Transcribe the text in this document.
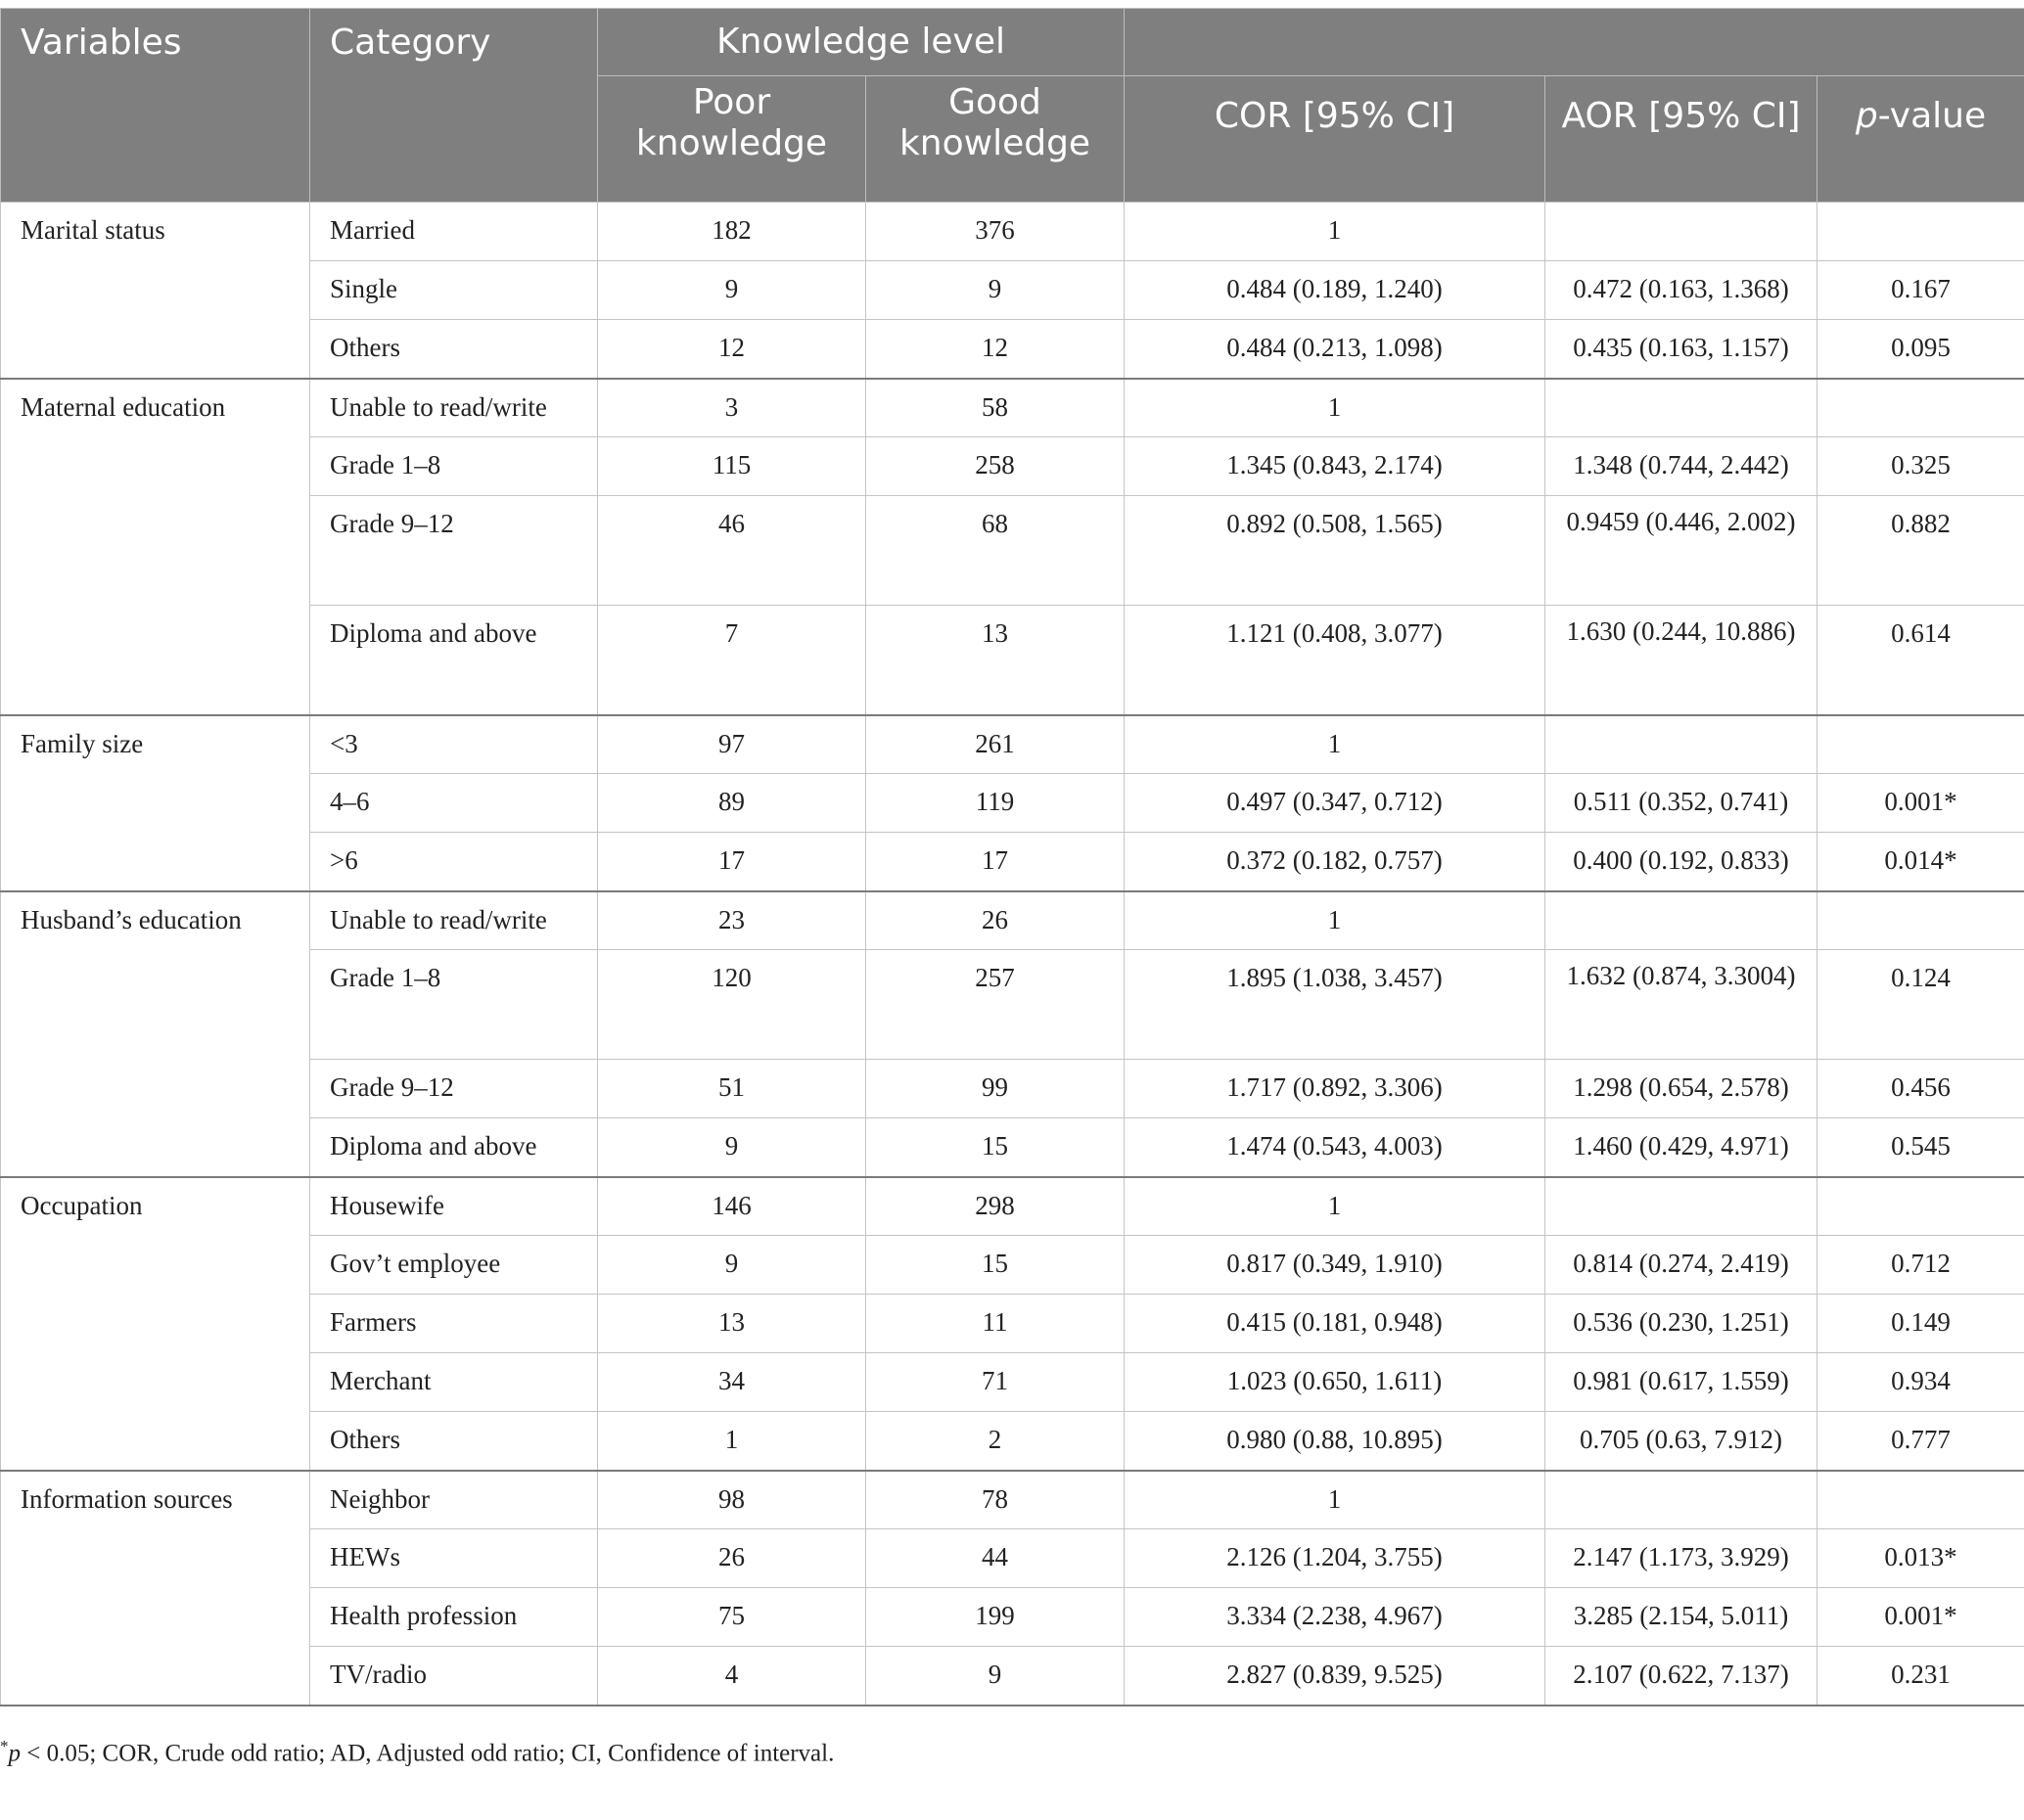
Variables	Category	Knowledge level				
		Poor knowledge	Good knowledge	COR [95% CI]	AOR [95% CI]	p-value
Marital status	Married	182	376	1		
	Single	9	9	0.484 (0.189, 1.240)	0.472 (0.163, 1.368)	0.167
	Others	12	12	0.484 (0.213, 1.098)	0.435 (0.163, 1.157)	0.095
Maternal education	Unable to read/write	3	58	1		
	Grade 1–8	115	258	1.345 (0.843, 2.174)	1.348 (0.744, 2.442)	0.325
	Grade 9–12	46	68	0.892 (0.508, 1.565)	0.9459 (0.446, 2.002)	0.882
	Diploma and above	7	13	1.121 (0.408, 3.077)	1.630 (0.244, 10.886)	0.614
Family size	<3	97	261	1		
	4–6	89	119	0.497 (0.347, 0.712)	0.511 (0.352, 0.741)	0.001*
	>6	17	17	0.372 (0.182, 0.757)	0.400 (0.192, 0.833)	0.014*
Husband’s education	Unable to read/write	23	26	1		
	Grade 1–8	120	257	1.895 (1.038, 3.457)	1.632 (0.874, 3.3004)	0.124
	Grade 9–12	51	99	1.717 (0.892, 3.306)	1.298 (0.654, 2.578)	0.456
	Diploma and above	9	15	1.474 (0.543, 4.003)	1.460 (0.429, 4.971)	0.545
Occupation	Housewife	146	298	1		
	Gov’t employee	9	15	0.817 (0.349, 1.910)	0.814 (0.274, 2.419)	0.712
	Farmers	13	11	0.415 (0.181, 0.948)	0.536 (0.230, 1.251)	0.149
	Merchant	34	71	1.023 (0.650, 1.611)	0.981 (0.617, 1.559)	0.934
	Others	1	2	0.980 (0.88, 10.895)	0.705 (0.63, 7.912)	0.777
Information sources	Neighbor	98	78	1		
	HEWs	26	44	2.126 (1.204, 3.755)	2.147 (1.173, 3.929)	0.013*
	Health profession	75	199	3.334 (2.238, 4.967)	3.285 (2.154, 5.011)	0.001*
	TV/radio	4	9	2.827 (0.839, 9.525)	2.107 (0.622, 7.137)	0.231
*p < 0.05; COR, Crude odd ratio; AD, Adjusted odd ratio; CI, Confidence of interval.
